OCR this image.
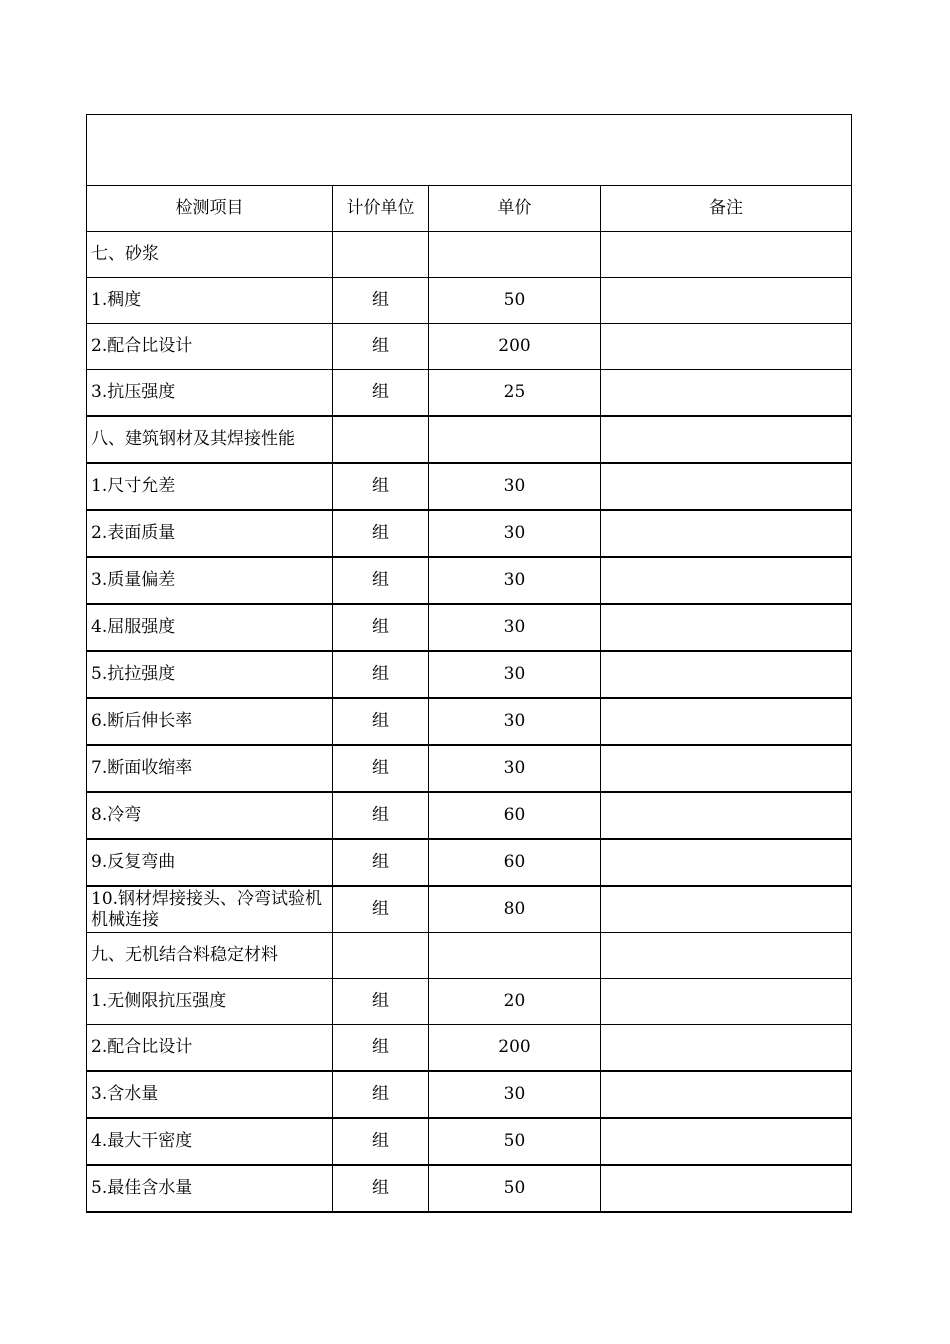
检测项目	计价单位	单价	备注
七、砂浆			
1.稠度	组	50	
2.配合比设计	组	200	
3.抗压强度	组	25	
八、建筑钢材及其焊接性能			
1.尺寸允差	组	30	
2.表面质量	组	30	
3.质量偏差	组	30	
4.屈服强度	组	30	
5.抗拉强度	组	30	
6.断后伸长率	组	30	
7.断面收缩率	组	30	
8.冷弯	组	60	
9.反复弯曲	组	60	
10.钢材焊接接头、冷弯试验机机械连接	组	80	
九、无机结合料稳定材料			
1.无侧限抗压强度	组	20	
2.配合比设计	组	200	
3.含水量	组	30	
4.最大干密度	组	50	
5.最佳含水量	组	50	
